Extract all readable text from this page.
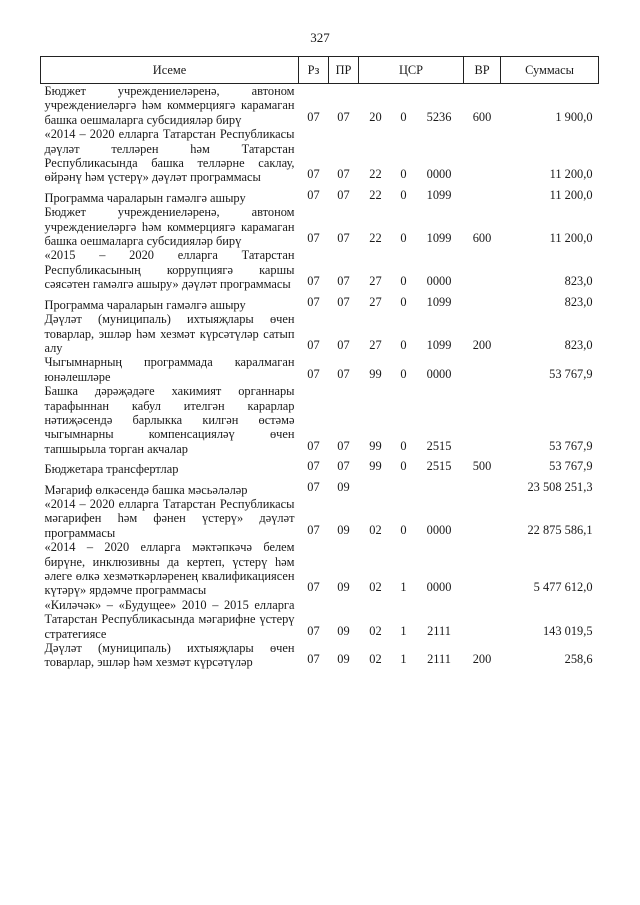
327
Исеме	Рз	ПР	ЦСР			ВР	Суммасы
Бюджет учреждениеләренә, автоном учреждениеләргә һәм коммерциягә карамаган башка оешмаларга субсидияләр бирү	07	07	20	0	5236	600	1 900,0
«2014 – 2020 елларга Татарстан Республикасы дәүләт телләрен һәм Татарстан Республикасында башка телләрне саклау, өйрәнү һәм үстерү» дәүләт программасы	07	07	22	0	0000		11 200,0
Программа чараларын гамәлгә ашыру	07	07	22	0	1099		11 200,0
Бюджет учреждениеләренә, автоном учреждениеләргә һәм коммерциягә карамаган башка оешмаларга субсидияләр бирү	07	07	22	0	1099	600	11 200,0
«2015 – 2020 елларга Татарстан Республикасының коррупциягә каршы сәясәтен гамәлгә ашыру» дәүләт программасы	07	07	27	0	0000		823,0
Программа чараларын гамәлгә ашыру	07	07	27	0	1099		823,0
Дәүләт (муниципаль) ихтыяҗлары өчен товарлар, эшләр һәм хезмәт күрсәтүләр сатып алу	07	07	27	0	1099	200	823,0
Чыгымнарның программада каралмаган юнәлешләре	07	07	99	0	0000		53 767,9
Башка дәрәҗәдәге хакимият органнары тарафыннан кабул ителгән карарлар нәтиҗәсендә барлыкка килгән өстәмә чыгымнарны компенсацияләү өчен тапшырыла торган акчалар	07	07	99	0	2515		53 767,9
Бюджетара трансфертлар	07	07	99	0	2515	500	53 767,9
Мәгариф өлкәсендә башка мәсьәләләр	07	09					23 508 251,3
«2014 – 2020 елларга Татарстан Республикасы мәгарифен һәм фәнен үстерү» дәүләт программасы	07	09	02	0	0000		22 875 586,1
«2014 – 2020 елларга мәктәпкәчә белем бирүне, инклюзивны да кертеп, үстерү һәм әлеге өлкә хезмәткәрләренең квалификациясен күтәрү» ярдәмче программасы	07	09	02	1	0000		5 477 612,0
«Киләчәк» – «Будущее» 2010 – 2015 елларга Татарстан Республикасында мәгарифне үстерү стратегиясе	07	09	02	1	2111		143 019,5
Дәүләт (муниципаль) ихтыяҗлары өчен товарлар, эшләр һәм хезмәт күрсәтүләр	07	09	02	1	2111	200	258,6
